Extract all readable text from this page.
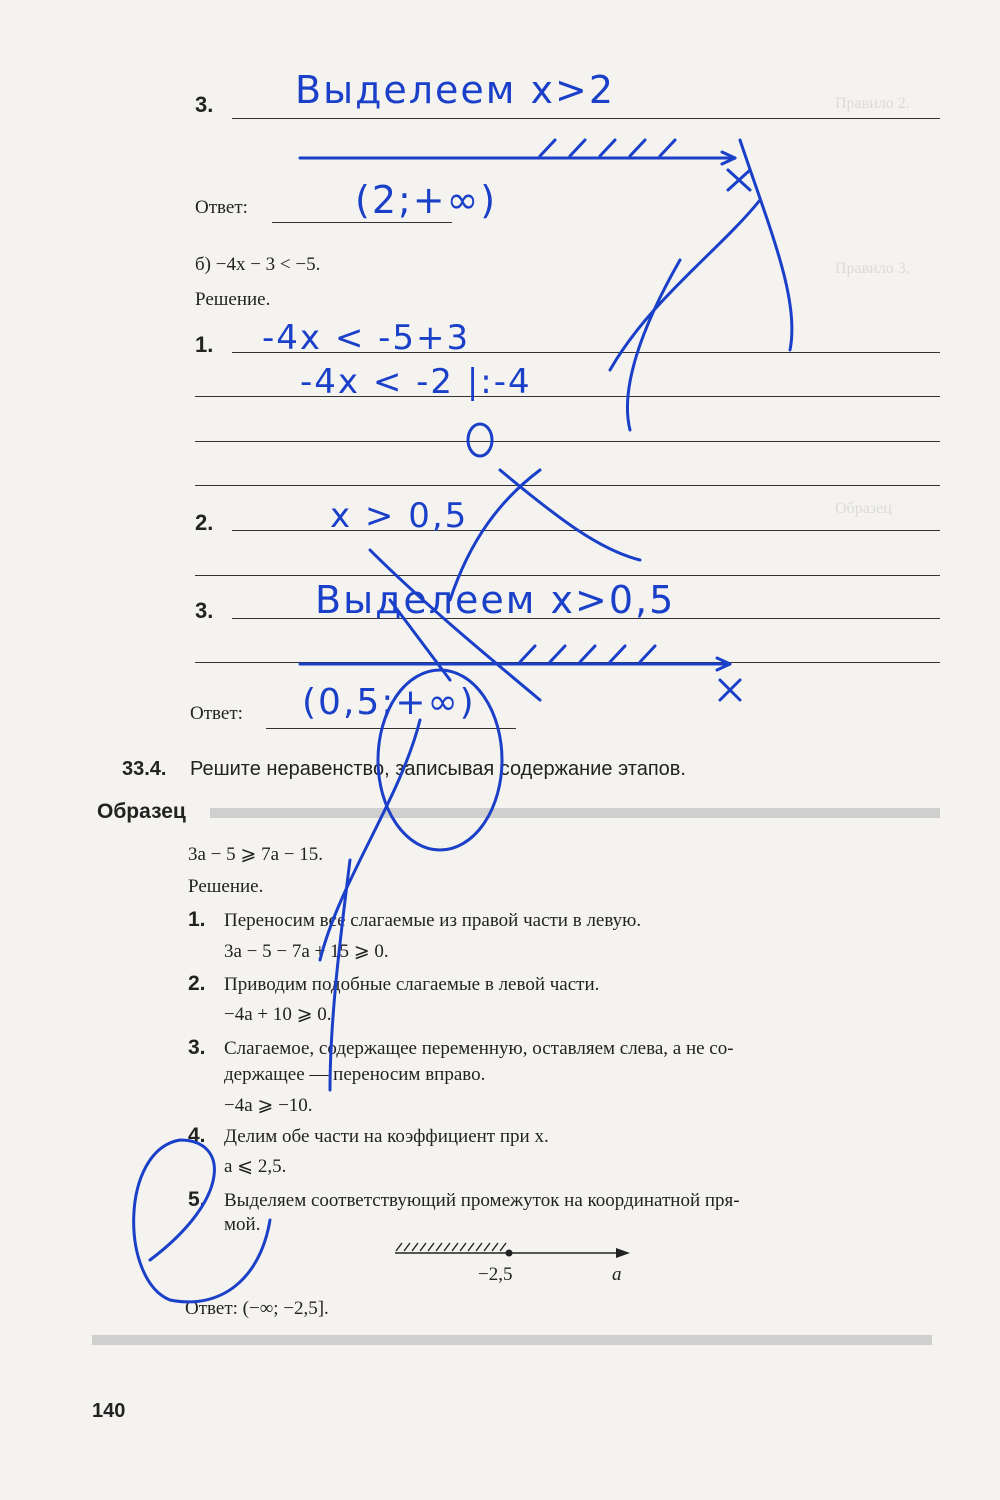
Правило 2.
Правило 3.
Образец
3. Выделеем x>2
Ответ:	(2;+∞)
б) −4x − 3 < −5.
Решение.
1. -4x < -5+3
-4x < -2 |:-4
2.	x > 0,5
3.	Выделеем x>0,5
Ответ: (0,5;+∞)
33.4. Решите неравенство, записывая содержание этапов.
Образец
3a − 5 ⩾ 7a − 15.
Решение.
1. Переносим все слагаемые из правой части в левую.
3a − 5 − 7a + 15 ⩾ 0.
2. Приводим подобные слагаемые в левой части.
−4a + 10 ⩾ 0.
3. Слагаемое, содержащее переменную, оставляем слева, а не со-
держащее — переносим вправо.
−4a ⩾ −10.
4. Делим обе части на коэффициент при x.
a ⩽ 2,5.
5. Выделяем соответствующий промежуток на координатной пря-
мой.
−2,5	a
Ответ: (−∞; −2,5].
140
